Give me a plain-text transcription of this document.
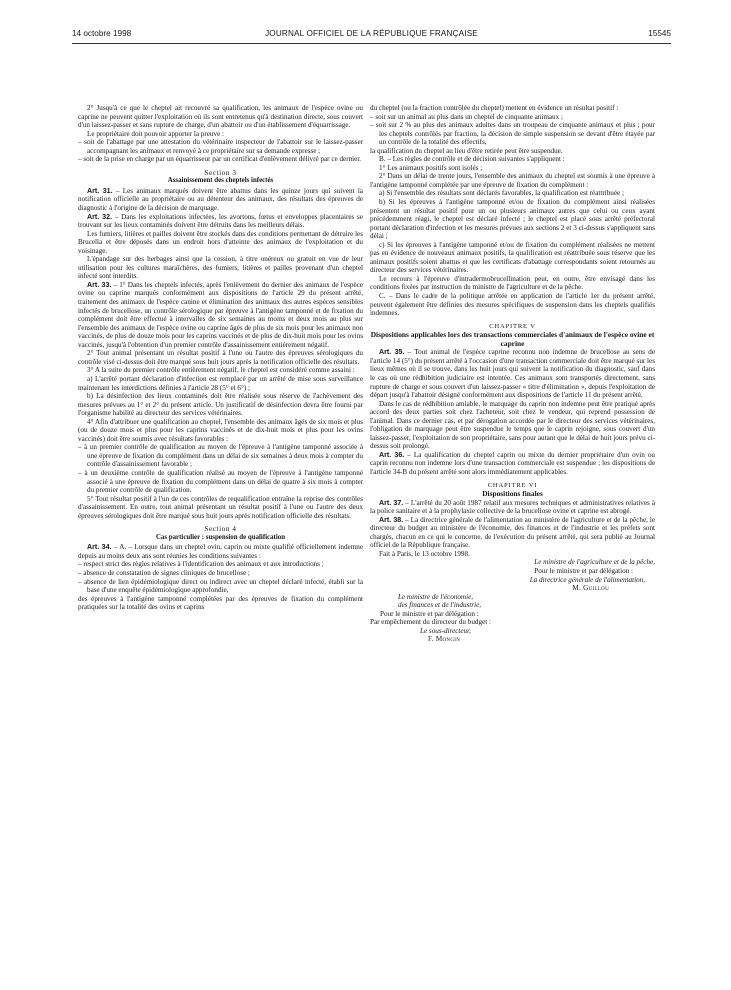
14 octobre 1998	JOURNAL OFFICIEL DE LA RÉPUBLIQUE FRANÇAISE	15545

2° Jusqu'à ce que le cheptel ait recouvré sa qualification, les animaux de l'espèce ovine ou caprine ne peuvent quitter l'exploitation où ils sont entretenus qu'à destination directe, sous couvert d'un laissez-passer et sans rupture de charge, d'un abattoir ou d'un établissement d'équarrissage.

Le propriétaire doit pouvoir apporter la preuve :

– soit de l'abattage par une attestation du vétérinaire inspecteur de l'abattoir sur le laissez-passer accompagnant les animaux et renvoyé à ce propriétaire sur sa demande expresse ;

– soit de la prise en charge par un équarrisseur par un certificat d'enlèvement délivré par ce dernier.

Section 3

Assainissement des cheptels infectés

Art. 31. – Les animaux marqués doivent être abattus dans les quinze jours qui suivent la notification officielle au propriétaire ou au détenteur des animaux, des résultats des épreuves de diagnostic à l'origine de la décision de marquage.

Art. 32. – Dans les exploitations infectées, les avortons, fœtus et enveloppes placentaires se trouvant sur les lieux contaminés doivent être détruits dans les meilleurs délais.

Les fumiers, litières et pailles doivent être stockés dans des conditions permettant de détruire les Brucella et être déposés dans un endroit hors d'atteinte des animaux de l'exploitation et du voisinage.

L'épandage sur des herbages ainsi que la cession, à titre onéreux ou gratuit en vue de leur utilisation pour les cultures maraîchères, des fumiers, litières et pailles provenant d'un cheptel infecté sont interdits.

Art. 33. – 1° Dans les cheptels infectés, après l'enlèvement du dernier des animaux de l'espèce ovine ou caprine marqués conformément aux dispositions de l'article 29 du présent arrêté, traitement des animaux de l'espèce canine et élimination des animaux des autres espèces sensibles infectés de brucellose, un contrôle sérologique par épreuve à l'antigène tamponné et de fixation du complément doit être effectué à intervalles de six semaines au moins et deux mois au plus sur l'ensemble des animaux de l'espèce ovine ou caprine âgés de plus de six mois pour les animaux non vaccinés, de plus de douze mois pour les caprins vaccinés et de plus de dix-huit mois pour les ovins vaccinés, jusqu'à l'obtention d'un premier contrôle d'assainissement entièrement négatif.

2° Tout animal présentant un résultat positif à l'une ou l'autre des épreuves sérologiques du contrôle visé ci-dessus doit être marqué sous huit jours après la notification officielle des résultats.

3° A la suite du premier contrôle entièrement négatif, le cheptel est considéré comme assaini :

a) L'arrêté portant déclaration d'infection est remplacé par un arrêté de mise sous surveillance maintenant les interdictions définies à l'article 28 (5° et 6°) ;

b) La désinfection des lieux contaminés doit être réalisée sous réserve de l'achèvement des mesures prévues au 1° et 2° du présent article. Un justificatif de désinfection devra être fourni par l'organisme habilité au directeur des services vétérinaires.

4° Afin d'attribuer une qualification au cheptel, l'ensemble des animaux âgés de six mois et plus (ou de douze mois et plus pour les caprins vaccinés et de dix-huit mois et plus pour les ovins vaccinés) doit être soumis avec résultats favorables :

– à un premier contrôle de qualification au moyen de l'épreuve à l'antigène tamponné associée à une épreuve de fixation du complément dans un délai de six semaines à deux mois à compter du contrôle d'assainissement favorable ;

– à un deuxième contrôle de qualification réalisé au moyen de l'épreuve à l'antigène tamponné associé à une épreuve de fixation du complément dans un délai de quatre à six mois à compter du premier contrôle de qualification.

5° Tout résultat positif à l'un de ces contrôles de requalification entraîne la reprise des contrôles d'assainissement. En outre, tout animal présentant un résultat positif à l'une ou l'autre des deux épreuves sérologiques doit être marqué sous huit jours après notification officielle des résultats.

Section 4

Cas particulier : suspension de qualification

Art. 34. – A. – Lorsque dans un cheptel ovin, caprin ou mixte qualifié officiellement indemne depuis au moins deux ans sont réunies les conditions suivantes :

– respect strict des règles relatives à l'identification des animaux et aux introductions ;

– absence de constatation de signes cliniques de brucellose ;

– absence de lien épidémiologique direct ou indirect avec un cheptel déclaré infecté, établi sur la base d'une enquête épidémiologique approfondie,

des épreuves à l'antigène tamponné complétées par des épreuves de fixation du complément pratiquées sur la totalité des ovins et caprins

du cheptel (ou la fraction contrôlée du cheptel) mettent en évidence un résultat positif :

– soit sur un animal au plus dans un cheptel de cinquante animaux ;

– soit sur 2 % au plus des animaux adultes dans un troupeau de cinquante animaux et plus ; pour les cheptels contrôlés par fraction, la décision de simple suspension se devant d'être étayée par un contrôle de la totalité des effectifs,

la qualification du cheptel au lieu d'être retirée peut être suspendue.

B. – Les règles de contrôle et de décision suivantes s'appliquent :

1° Les animaux positifs sont isolés ;

2° Dans un délai de trente jours, l'ensemble des animaux du cheptel est soumis à une épreuve à l'antigène tamponné complétée par une épreuve de fixation du complément :

a) Si l'ensemble des résultats sont déclarés favorables, la qualification est réattribuée ;

b) Si les épreuves à l'antigène tamponné et/ou de fixation du complément ainsi réalisées présentent un résultat positif pour un ou plusieurs animaux autres que celui ou ceux ayant précédemment réagi, le cheptel est déclaré infecté ; le cheptel est placé sous arrêté préfectoral portant déclaration d'infection et les mesures prévues aux sections 2 et 3 ci-dessus s'appliquent sans délai ;

c) Si les épreuves à l'antigène tamponné et/ou de fixation du complément réalisées ne mettent pas en évidence de nouveaux animaux positifs, la qualification est réattribuée sous réserve que les animaux positifs soient abattus et que les certificats d'abattage correspondants soient retournés au directeur des services vétérinaires.

Le recours à l'épreuve d'intradermobrucellination peut, en outre, être envisagé dans les conditions fixées par instruction du ministre de l'agriculture et de la pêche.

C. – Dans le cadre de la politique arrêtée en application de l'article 1er du présent arrêté, peuvent également être définies des mesures spécifiques de suspension dans les cheptels qualifiés indemnes.

CHAPITRE V

Dispositions applicables lors des transactions commerciales d'animaux de l'espèce ovine et caprine

Art. 35. – Tout animal de l'espèce caprine reconnu non indemne de brucellose au sens de l'article 14 (5°) du présent arrêté à l'occasion d'une transaction commerciale doit être marqué sur les lieux mêmes où il se trouve, dans les huit jours qui suivent la notification du diagnostic, sauf dans le cas où une rédhibition judiciaire est intentée. Ces animaux sont transportés directement, sans rupture de charge et sous couvert d'un laissez-passer « titre d'élimination », depuis l'exploitation de départ jusqu'à l'abattoir désigné conformément aux dispositions de l'article 11 du présent arrêté.

Dans le cas de rédhibition amiable, le marquage du caprin non indemne peut être pratiqué après accord des deux parties soit chez l'acheteur, soit chez le vendeur, qui reprend possession de l'animal. Dans ce dernier cas, et par dérogation accordée par le directeur des services vétérinaires, l'obligation de marquage peut être suspendue le temps que le caprin rejoigne, sous couvert d'un laissez-passer, l'exploitation de son propriétaire, sans pour autant que le délai de huit jours prévu ci-dessus soit prolongé.

Art. 36. – La qualification du cheptel caprin ou mixte du dernier propriétaire d'un ovin ou caprin reconnu non indemne lors d'une transaction commerciale est suspendue ; les dispositions de l'article 34-B du présent arrêté sont alors immédiatement applicables.

CHAPITRE VI

Dispositions finales

Art. 37. – L'arrêté du 20 août 1987 relatif aux mesures techniques et administratives relatives à la police sanitaire et à la prophylaxie collective de la brucellose ovine et caprine est abrogé.

Art. 38. – La directrice générale de l'alimentation au ministère de l'agriculture et de la pêche, le directeur du budget au ministère de l'économie, des finances et de l'industrie et les préfets sont chargés, chacun en ce qui le concerne, de l'exécution du présent arrêté, qui sera publié au Journal officiel de la République française.

Fait à Paris, le 13 octobre 1998.

Le ministre de l'agriculture et de la pêche,

Pour le ministre et par délégation :

La directrice générale de l'alimentation,

M. Guillou

Le ministre de l'économie,

des finances et de l'industrie,

Pour le ministre et par délégation :

Par empêchement du directeur du budget :

Le sous-directeur,

F. Mongin
